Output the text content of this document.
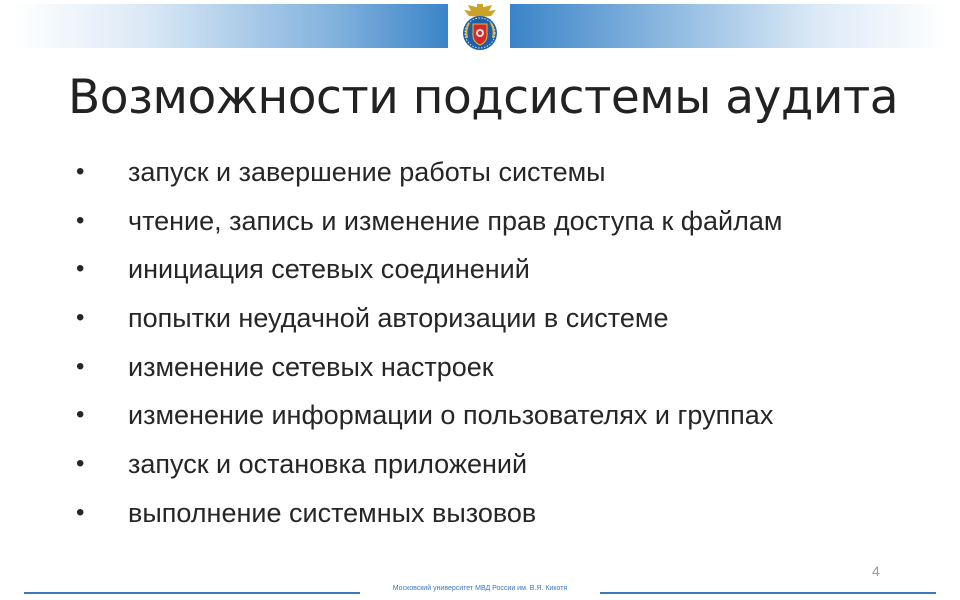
Возможности подсистемы аудита
• запуск и завершение работы системы
• чтение, запись и изменение прав доступа к файлам
• инициация сетевых соединений
• попытки неудачной авторизации в системе
• изменение сетевых настроек
• изменение информации о пользователях и группах
• запуск и остановка приложений
• выполнение системных вызовов
4
Московский университет МВД России им. В.Я. Кикотя
